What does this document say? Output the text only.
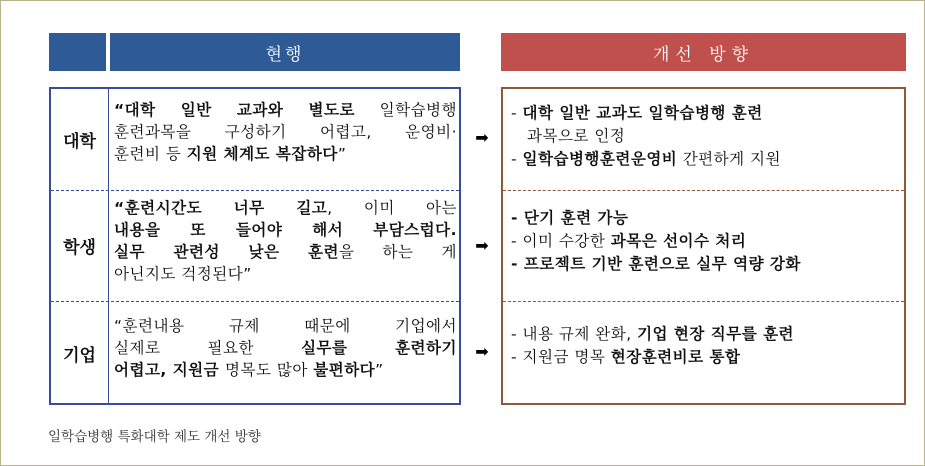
현행	개선 방향
대학
학생
기업
“대학 일반 교과와 별도로 일학습병행
훈련과목을 구성하기 어렵고, 운영비·
훈련비 등 지원 체계도 복잡하다”
“훈련시간도 너무 길고, 이미 아는
내용을 또 들어야 해서 부담스럽다.
실무 관련성 낮은 훈련을 하는 게
아닌지도 걱정된다”
“훈련내용 규제 때문에 기업에서
실제로 필요한 실무를 훈련하기
어렵고, 지원금 명목도 많아 불편하다”
➡
➡
➡
- 대학 일반 교과도 일학습병행 훈련
과목으로 인정
- 일학습병행훈련운영비 간편하게 지원
- 단기 훈련 가능
- 이미 수강한 과목은 선이수 처리
- 프로젝트 기반 훈련으로 실무 역량 강화
- 내용 규제 완화, 기업 현장 직무를 훈련
- 지원금 명목 현장훈련비로 통합
일학습병행 특화대학 제도 개선 방향
